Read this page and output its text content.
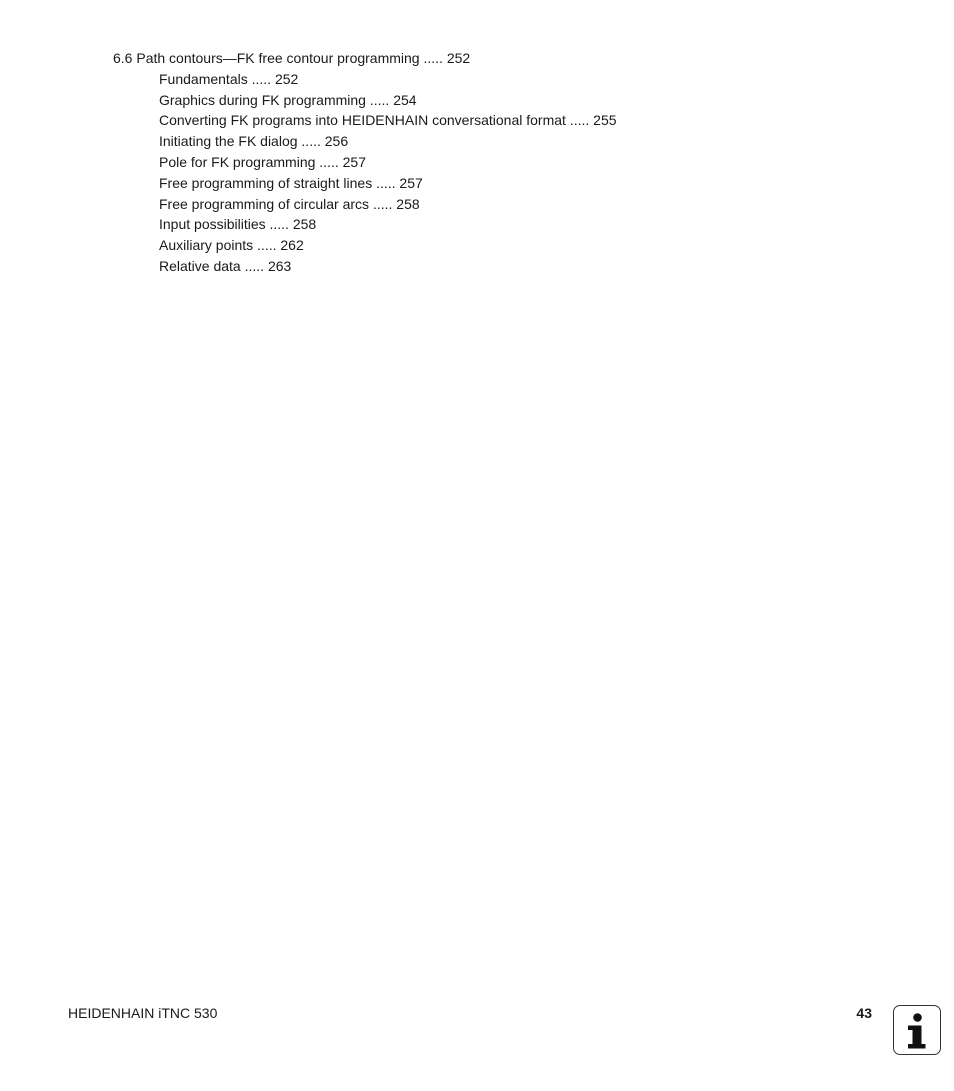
6.6 Path contours—FK free contour programming ..... 252

Fundamentals ..... 252
Graphics during FK programming ..... 254
Converting FK programs into HEIDENHAIN conversational format ..... 255
Initiating the FK dialog ..... 256
Pole for FK programming ..... 257
Free programming of straight lines ..... 257
Free programming of circular arcs ..... 258
Input possibilities ..... 258
Auxiliary points ..... 262
Relative data ..... 263
HEIDENHAIN iTNC 530	43
